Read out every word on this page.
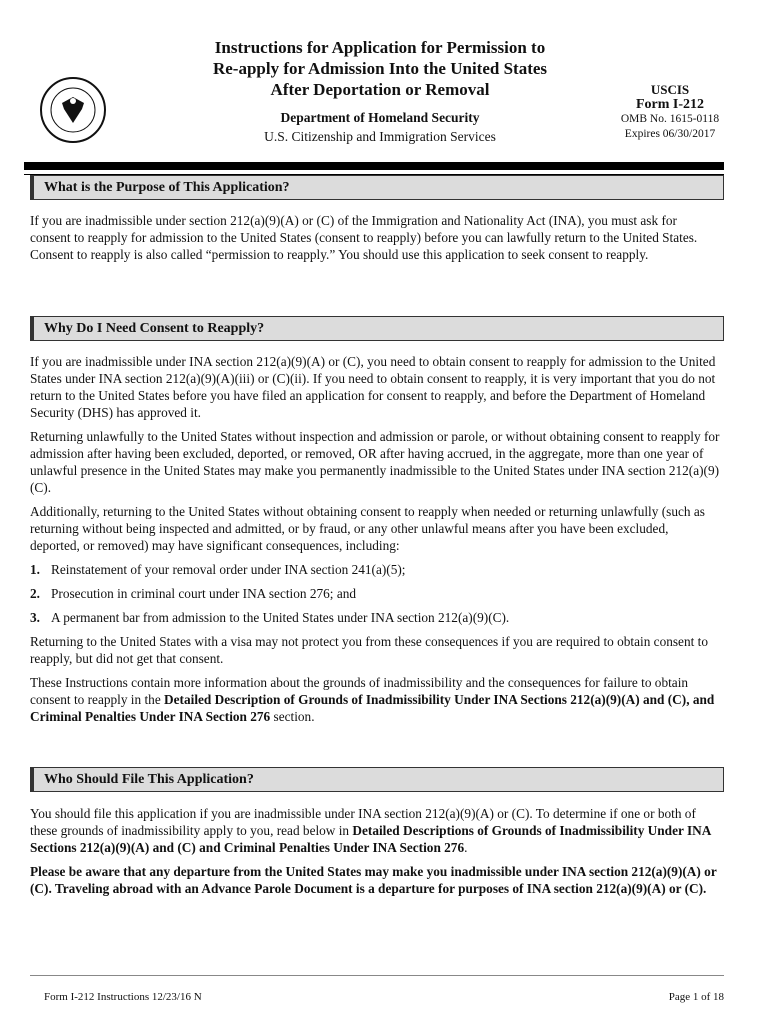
Instructions for Application for Permission to
Re-apply for Admission Into the United States
After Deportation or Removal
Department of Homeland Security
U.S. Citizenship and Immigration Services
USCIS
Form I-212
OMB No. 1615-0118
Expires 06/30/2017
What is the Purpose of This Application?

If you are inadmissible under section 212(a)(9)(A) or (C) of the Immigration and Nationality Act (INA), you must ask for consent to reapply for admission to the United States (consent to reapply) before you can lawfully return to the United States. Consent to reapply is also called “permission to reapply.” You should use this application to seek consent to reapply.

Why Do I Need Consent to Reapply?

If you are inadmissible under INA section 212(a)(9)(A) or (C), you need to obtain consent to reapply for admission to the United States under INA section 212(a)(9)(A)(iii) or (C)(ii). If you need to obtain consent to reapply, it is very important that you do not return to the United States before you have filed an application for consent to reapply, and before the Department of Homeland Security (DHS) has approved it.

Returning unlawfully to the United States without inspection and admission or parole, or without obtaining consent to reapply for admission after having been excluded, deported, or removed, OR after having accrued, in the aggregate, more than one year of unlawful presence in the United States may make you permanently inadmissible to the United States under INA section 212(a)(9)(C).

Additionally, returning to the United States without obtaining consent to reapply when needed or returning unlawfully (such as returning without being inspected and admitted, or by fraud, or any other unlawful means after you have been excluded, deported, or removed) may have significant consequences, including:

1. Reinstatement of your removal order under INA section 241(a)(5);
2. Prosecution in criminal court under INA section 276; and
3. A permanent bar from admission to the United States under INA section 212(a)(9)(C).

Returning to the United States with a visa may not protect you from these consequences if you are required to obtain consent to reapply, but did not get that consent.

These Instructions contain more information about the grounds of inadmissibility and the consequences for failure to obtain consent to reapply in the Detailed Description of Grounds of Inadmissibility Under INA Sections 212(a)(9)(A) and (C), and Criminal Penalties Under INA Section 276 section.

Who Should File This Application?

You should file this application if you are inadmissible under INA section 212(a)(9)(A) or (C). To determine if one or both of these grounds of inadmissibility apply to you, read below in Detailed Descriptions of Grounds of Inadmissibility Under INA Sections 212(a)(9)(A) and (C) and Criminal Penalties Under INA Section 276.

Please be aware that any departure from the United States may make you inadmissible under INA section 212(a)(9)(A) or (C). Traveling abroad with an Advance Parole Document is a departure for purposes of INA section 212(a)(9)(A) or (C).

Form I-212 Instructions 12/23/16 N	Page 1 of 18
